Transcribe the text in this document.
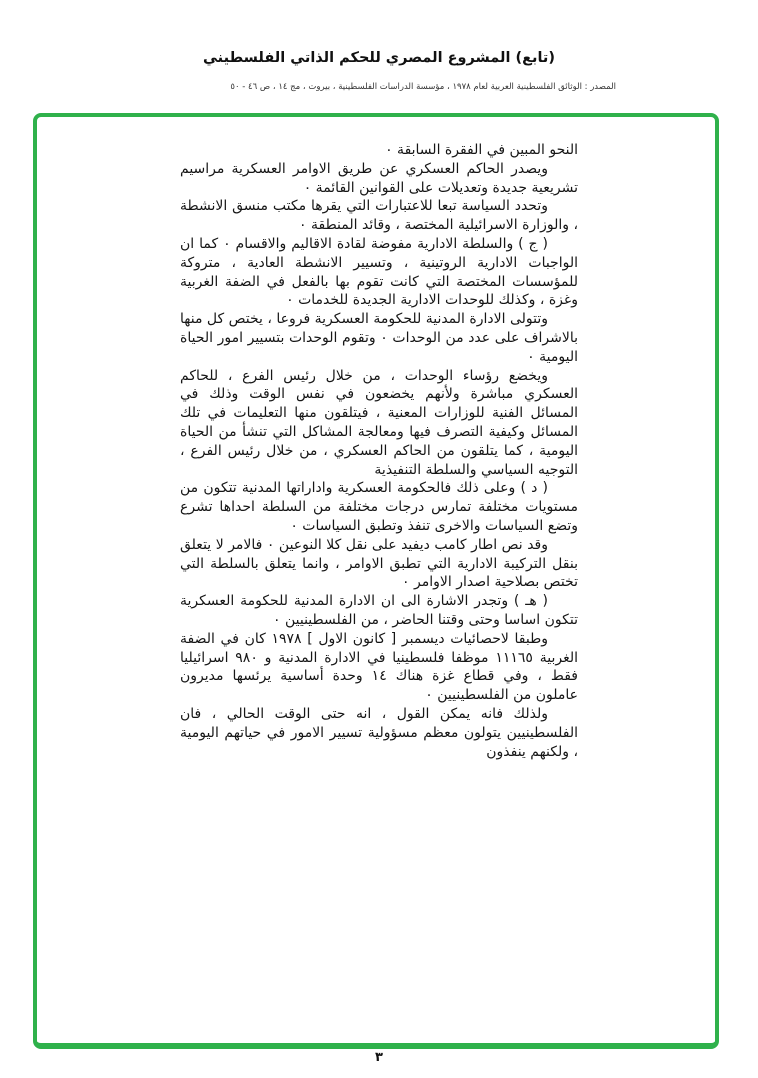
(تابع) المشروع المصري للحكم الذاتي الفلسطيني
المصدر : الوثائق الفلسطينية العربية لعام ١٩٧٨ ، مؤسسة الدراسات الفلسطينية ، بيروت ، مج ١٤ ، ص ٤٦ - ٥٠

النحو المبين في الفقرة السابقة ٠

ويصدر الحاكم العسكري عن طريق الاوامر العسكرية مراسيم تشريعية جديدة وتعديلات على القوانين القائمة ٠

وتحدد السياسة تبعا للاعتبارات التي يقرها مكتب منسق الانشطة ، والوزارة الاسرائيلية المختصة ، وقائد المنطقة ٠

( ج ) والسلطة الادارية مفوضة لقادة الاقاليم والاقسام ٠ كما ان الواجبات الادارية الروتينية ، وتسيير الانشطة العادية ، متروكة للمؤسسات المختصة التي كانت تقوم بها بالفعل في الضفة الغربية وغزة ، وكذلك للوحدات الادارية الجديدة للخدمات ٠

وتتولى الادارة المدنية للحكومة العسكرية فروعا ، يختص كل منها بالاشراف على عدد من الوحدات ٠ وتقوم الوحدات بتسيير امور الحياة اليومية ٠

ويخضع رؤساء الوحدات ، من خلال رئيس الفرع ، للحاكم العسكري مباشرة ولأنهم يخضعون في نفس الوقت وذلك في المسائل الفنية للوزارات المعنية ، فيتلقون منها التعليمات في تلك المسائل وكيفية التصرف فيها ومعالجة المشاكل التي تنشأ من الحياة اليومية ، كما يتلقون من الحاكم العسكري ، من خلال رئيس الفرع ، التوجيه السياسي والسلطة التنفيذية

( د ) وعلى ذلك فالحكومة العسكرية واداراتها المدنية تتكون من مستويات مختلفة تمارس درجات مختلفة من السلطة احداها تشرع وتضع السياسات والاخرى تنفذ وتطبق السياسات ٠

وقد نص اطار كامب ديفيد على نقل كلا النوعين ٠ فالامر لا يتعلق بنقل التركيبة الادارية التي تطبق الاوامر ، وانما يتعلق بالسلطة التي تختص بصلاحية اصدار الاوامر ٠

( هـ ) وتجدر الاشارة الى ان الادارة المدنية للحكومة العسكرية تتكون اساسا وحتى وقتنا الحاضر ، من الفلسطينيين ٠

وطبقا لاحصائيات ديسمبر [ كانون الاول ] ١٩٧٨ كان في الضفة الغربية ١١١٦٥ موظفا فلسطينيا في الادارة المدنية و ٩٨٠ اسرائيليا فقط ، وفي قطاع غزة هناك ١٤ وحدة أساسية يرئسها مديرون عاملون من الفلسطينيين ٠

ولذلك فانه يمكن القول ، انه حتى الوقت الحالي ، فان الفلسطينيين يتولون معظم مسؤولية تسيير الامور في حياتهم اليومية ، ولكنهم ينفذون

٣
